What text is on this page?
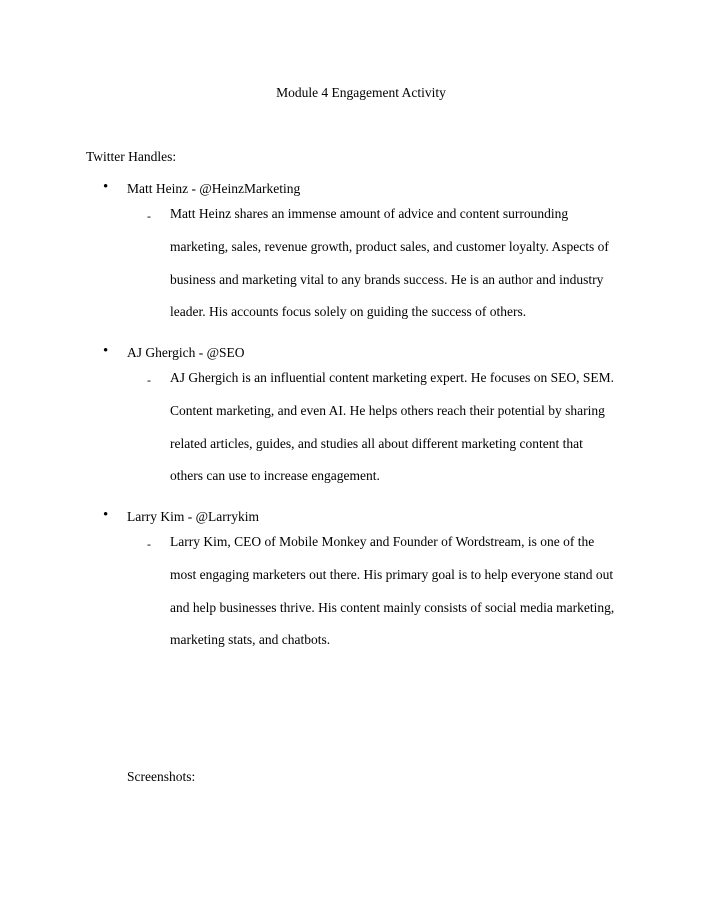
Module 4 Engagement Activity
Twitter Handles:
• Matt Heinz - @HeinzMarketing
- Matt Heinz shares an immense amount of advice and content surrounding
marketing, sales, revenue growth, product sales, and customer loyalty. Aspects of
business and marketing vital to any brands success. He is an author and industry
leader. His accounts focus solely on guiding the success of others.
• AJ Ghergich - @SEO
- AJ Ghergich is an influential content marketing expert. He focuses on SEO, SEM.
Content marketing, and even AI. He helps others reach their potential by sharing
related articles, guides, and studies all about different marketing content that
others can use to increase engagement.
• Larry Kim - @Larrykim
- Larry Kim, CEO of Mobile Monkey and Founder of Wordstream, is one of the
most engaging marketers out there. His primary goal is to help everyone stand out
and help businesses thrive. His content mainly consists of social media marketing,
marketing stats, and chatbots.
Screenshots:
